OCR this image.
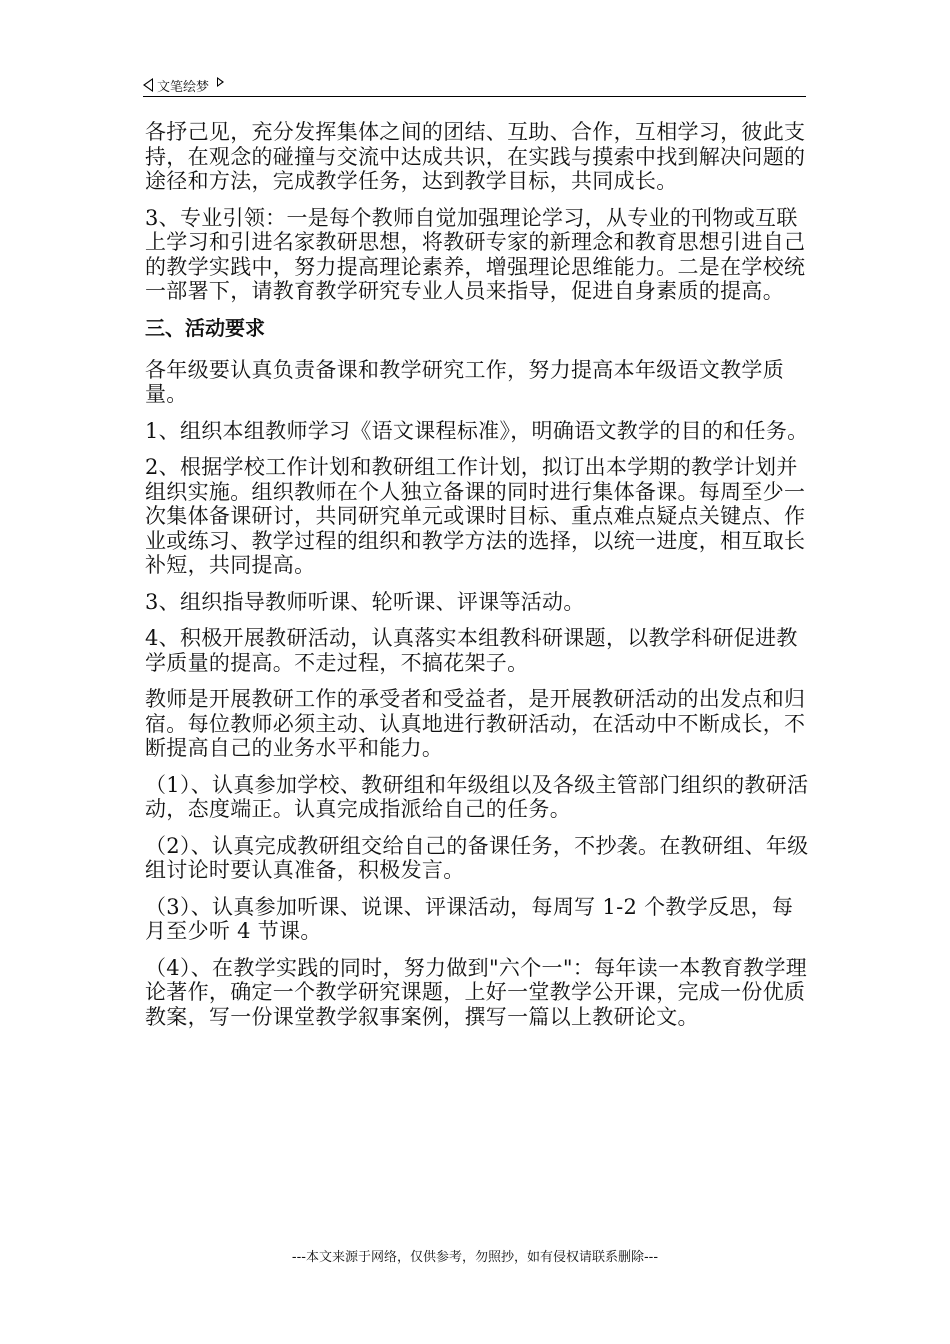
文笔绘梦

各抒己见，充分发挥集体之间的团结、互助、合作，互相学习，彼此支持，在观念的碰撞与交流中达成共识，在实践与摸索中找到解决问题的途径和方法，完成教学任务，达到教学目标，共同成长。

3、专业引领：一是每个教师自觉加强理论学习，从专业的刊物或互联上学习和引进名家教研思想，将教研专家的新理念和教育思想引进自己的教学实践中，努力提高理论素养，增强理论思维能力。二是在学校统一部署下，请教育教学研究专业人员来指导，促进自身素质的提高。

三、活动要求

各年级要认真负责备课和教学研究工作，努力提高本年级语文教学质量。

1、组织本组教师学习《语文课程标准》，明确语文教学的目的和任务。

2、根据学校工作计划和教研组工作计划，拟订出本学期的教学计划并组织实施。组织教师在个人独立备课的同时进行集体备课。每周至少一次集体备课研讨，共同研究单元或课时目标、重点难点疑点关键点、作业或练习、教学过程的组织和教学方法的选择，以统一进度，相互取长补短，共同提高。

3、组织指导教师听课、轮听课、评课等活动。

4、积极开展教研活动，认真落实本组教科研课题，以教学科研促进教学质量的提高。不走过程，不搞花架子。

教师是开展教研工作的承受者和受益者，是开展教研活动的出发点和归宿。每位教师必须主动、认真地进行教研活动，在活动中不断成长，不断提高自己的业务水平和能力。

（1）、认真参加学校、教研组和年级组以及各级主管部门组织的教研活动，态度端正。认真完成指派给自己的任务。

（2）、认真完成教研组交给自己的备课任务，不抄袭。在教研组、年级组讨论时要认真准备，积极发言。

（3）、认真参加听课、说课、评课活动，每周写 1-2 个教学反思，每月至少听 4 节课。

（4）、在教学实践的同时，努力做到"六个一"：每年读一本教育教学理论著作，确定一个教学研究课题，上好一堂教学公开课，完成一份优质教案，写一份课堂教学叙事案例，撰写一篇以上教研论文。

---本文来源于网络，仅供参考，勿照抄，如有侵权请联系删除---
